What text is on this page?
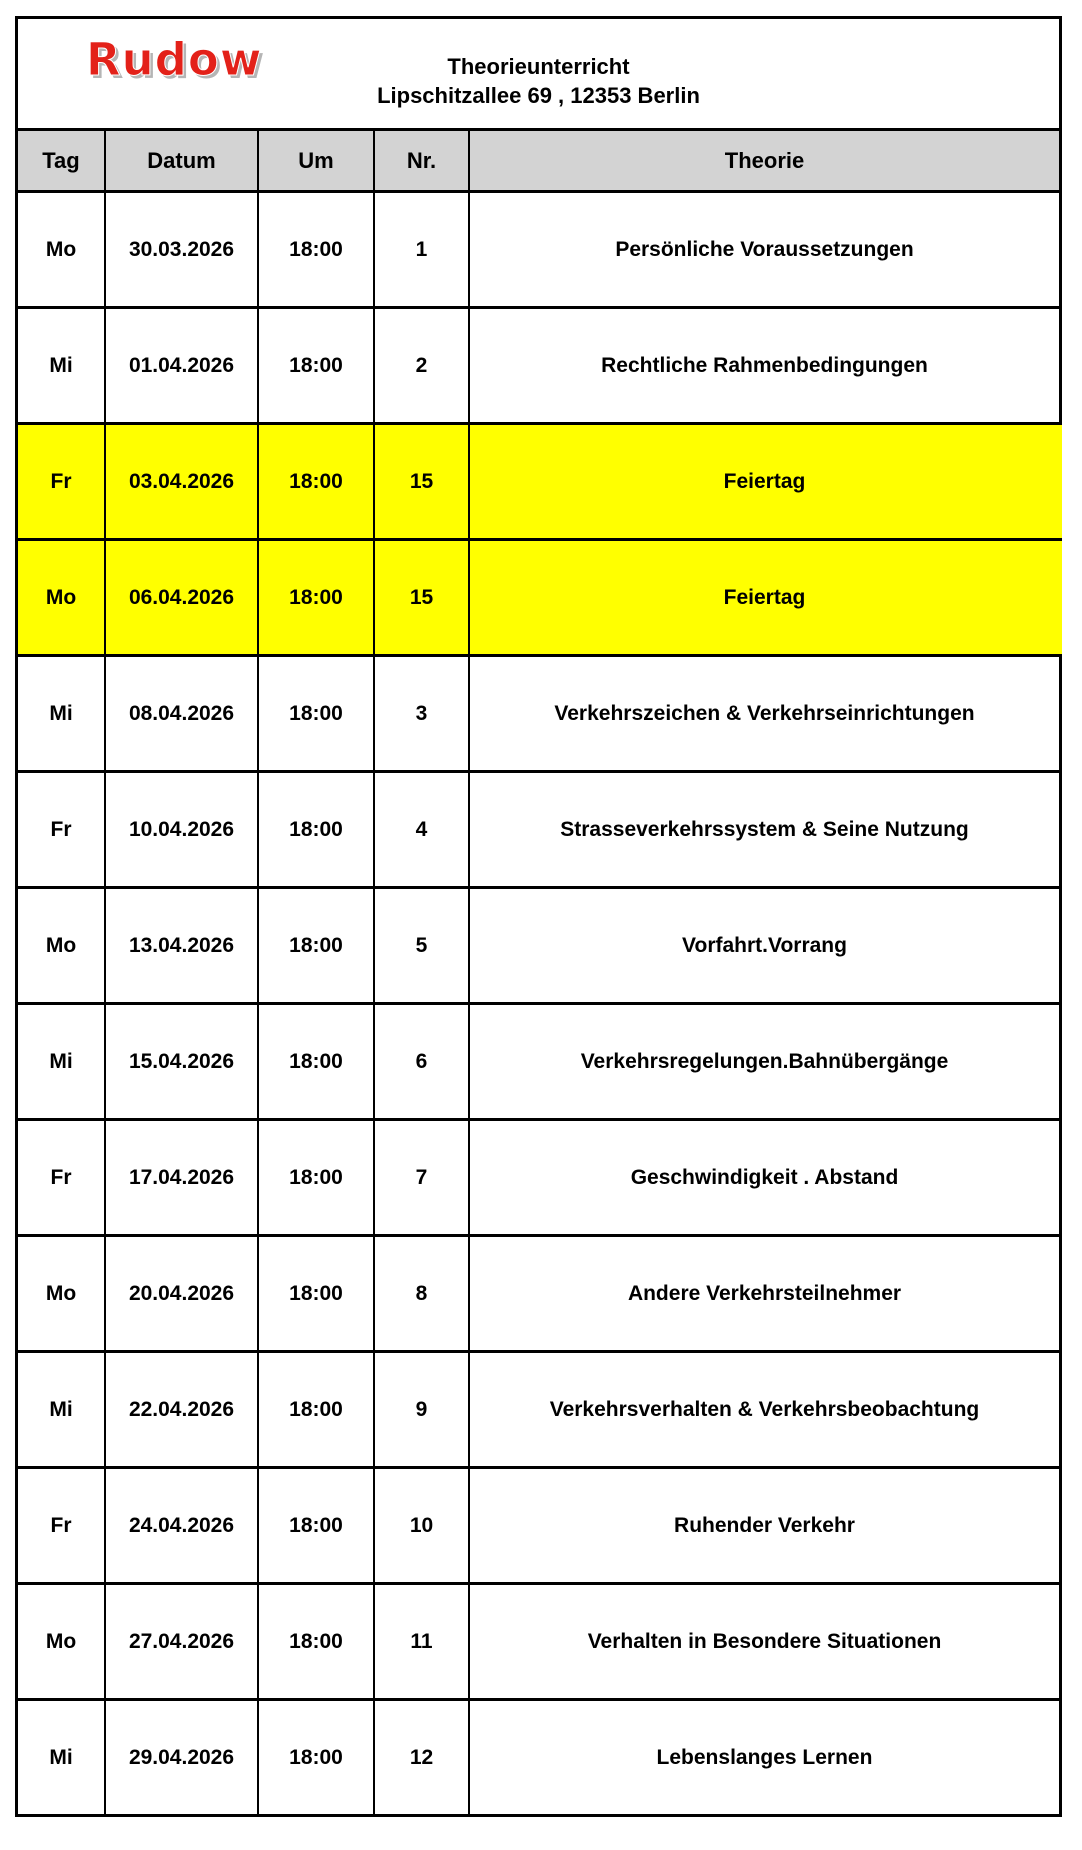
Rudow	Theorieunterricht
Lipschitzallee 69 , 12353 Berlin
Tag	Datum	Um	Nr.	Theorie
Mo	30.03.2026	18:00	1	Persönliche Voraussetzungen
Mi	01.04.2026	18:00	2	Rechtliche Rahmenbedingungen
Fr	03.04.2026	18:00	15	Feiertag
Mo	06.04.2026	18:00	15	Feiertag
Mi	08.04.2026	18:00	3	Verkehrszeichen & Verkehrseinrichtungen
Fr	10.04.2026	18:00	4	Strasseverkehrssystem & Seine Nutzung
Mo	13.04.2026	18:00	5	Vorfahrt.Vorrang
Mi	15.04.2026	18:00	6	Verkehrsregelungen.Bahnübergänge
Fr	17.04.2026	18:00	7	Geschwindigkeit . Abstand
Mo	20.04.2026	18:00	8	Andere Verkehrsteilnehmer
Mi	22.04.2026	18:00	9	Verkehrsverhalten & Verkehrsbeobachtung
Fr	24.04.2026	18:00	10	Ruhender Verkehr
Mo	27.04.2026	18:00	11	Verhalten in Besondere Situationen
Mi	29.04.2026	18:00	12	Lebenslanges Lernen
